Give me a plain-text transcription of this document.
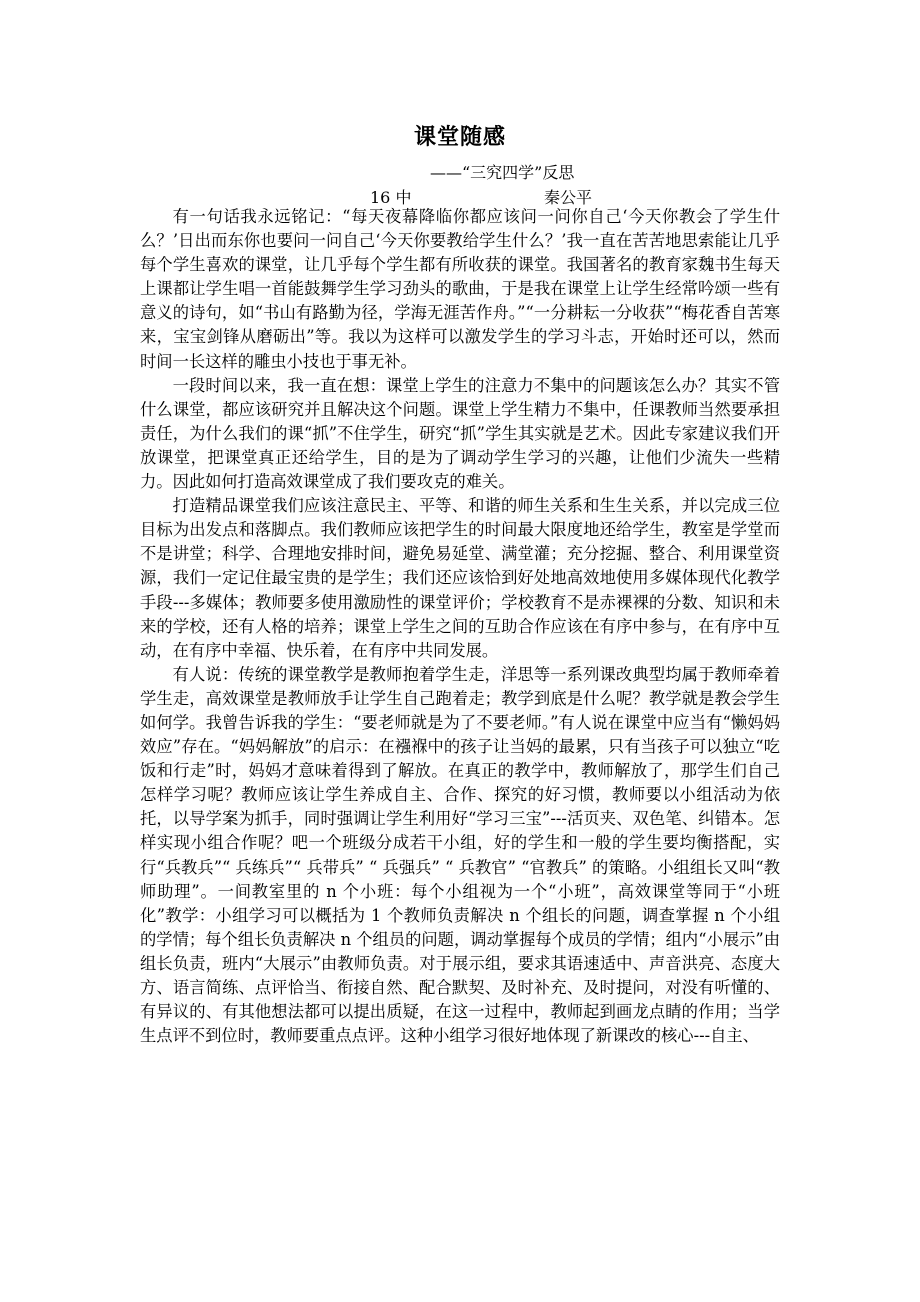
课堂随感

——“三究四学”反思

16 中	秦公平

有一句话我永远铭记：“每天夜幕降临你都应该问一问你自己‘今天你教会了学生什么？’日出而东你也要问一问自己‘今天你要教给学生什么？’我一直在苦苦地思索能让几乎每个学生喜欢的课堂，让几乎每个学生都有所收获的课堂。我国著名的教育家魏书生每天上课都让学生唱一首能鼓舞学生学习劲头的歌曲，于是我在课堂上让学生经常吟颂一些有意义的诗句，如“书山有路勤为径，学海无涯苦作舟。”“一分耕耘一分收获”“梅花香自苦寒来，宝宝剑锋从磨砺出”等。我以为这样可以激发学生的学习斗志，开始时还可以，然而时间一长这样的雕虫小技也于事无补。

一段时间以来，我一直在想：课堂上学生的注意力不集中的问题该怎么办？其实不管什么课堂，都应该研究并且解决这个问题。课堂上学生精力不集中，任课教师当然要承担责任，为什么我们的课“抓”不住学生，研究“抓”学生其实就是艺术。因此专家建议我们开放课堂，把课堂真正还给学生，目的是为了调动学生学习的兴趣，让他们少流失一些精力。因此如何打造高效课堂成了我们要攻克的难关。

打造精品课堂我们应该注意民主、平等、和谐的师生关系和生生关系，并以完成三位目标为出发点和落脚点。我们教师应该把学生的时间最大限度地还给学生，教室是学堂而不是讲堂；科学、合理地安排时间，避免易延堂、满堂灌；充分挖掘、整合、利用课堂资源，我们一定记住最宝贵的是学生；我们还应该恰到好处地高效地使用多媒体现代化教学手段---多媒体；教师要多使用激励性的课堂评价；学校教育不是赤裸裸的分数、知识和未来的学校，还有人格的培养；课堂上学生之间的互助合作应该在有序中参与，在有序中互动，在有序中幸福、快乐着，在有序中共同发展。

有人说：传统的课堂教学是教师抱着学生走，洋思等一系列课改典型均属于教师牵着学生走，高效课堂是教师放手让学生自己跑着走；教学到底是什么呢？教学就是教会学生如何学。我曾告诉我的学生：“要老师就是为了不要老师。”有人说在课堂中应当有“懒妈妈效应”存在。“妈妈解放”的启示：在襁褓中的孩子让当妈的最累，只有当孩子可以独立“吃饭和行走”时，妈妈才意味着得到了解放。在真正的教学中，教师解放了，那学生们自己怎样学习呢？教师应该让学生养成自主、合作、探究的好习惯，教师要以小组活动为依托，以导学案为抓手，同时强调让学生利用好“学习三宝”---活页夹、双色笔、纠错本。怎样实现小组合作呢？吧一个班级分成若干小组，好的学生和一般的学生要均衡搭配，实行“兵教兵”“ 兵练兵”“ 兵带兵” “ 兵强兵” “ 兵教官” “官教兵” 的策略。小组组长又叫“教师助理”。一间教室里的 n 个小班：每个小组视为一个“小班”，高效课堂等同于“小班化”教学：小组学习可以概括为 1 个教师负责解决 n 个组长的问题，调查掌握 n 个小组的学情；每个组长负责解决 n 个组员的问题，调动掌握每个成员的学情；组内“小展示”由组长负责，班内“大展示”由教师负责。对于展示组，要求其语速适中、声音洪亮、态度大方、语言简练、点评恰当、衔接自然、配合默契、及时补充、及时提问，对没有听懂的、有异议的、有其他想法都可以提出质疑，在这一过程中，教师起到画龙点睛的作用；当学生点评不到位时，教师要重点点评。这种小组学习很好地体现了新课改的核心---自主、
